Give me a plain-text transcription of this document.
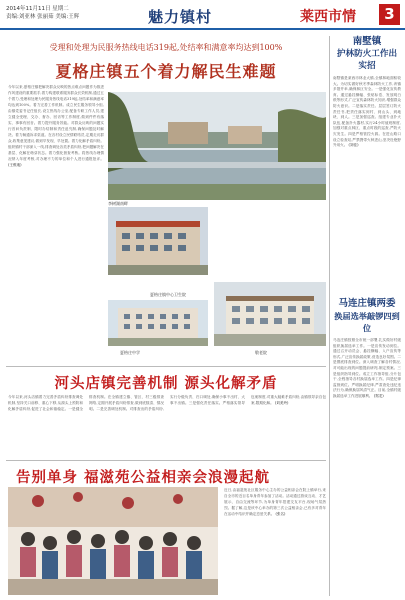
2014年11月11日 星期二
责编:刘亚林 张丽茹 美编:王辉	魅力镇村	莱西市情	3
受理和处理为民服务热线电话319起,处结率和满意率均达到100%
夏格庄镇五个着力解民生难题
今年以来,夏格庄镇把解决群众反映的热点难点问题作为推进作风建设的重要抓手,着力构建联系服务群众长效机制,通过五个着力,受理和处理为民服务热线电话319起,处结率和满意率均达到100%。着力完善工作机制。成立民生服务领导小组,由镇党委书记任组长,设立热线办公室,配备专职工作人员,建立健全受理、交办、督办、回访等工作制度,做到件件有落实、事事有回音。着力提升服务效能。对群众反映的问题实行首问负责制、限时办结制和责任追究制,确保问题及时解决。着力畅通诉求渠道。在各村设立民情联络员,定期走访群众,收集意见建议,做到早发现、早处置。着力化解矛盾纠纷。组织镇村干部深入一线,排查调处各类矛盾纠纷,把问题解决在基层、化解在萌芽状态。着力强化督查考核。将热线办理情况纳入年度考核,对办理不力的单位和个人进行通报批评。 (王维迪)
李树湖南畔
夏格庄镇中心卫生院
夏格庄中学	敬老院
南墅镇
护林防火工作出实招
南墅镇是莱西市林业大镇,全镇林地面积较大。为切实做好秋冬季森林防火工作,该镇多措并举,确保林区安全。一是强化宣传教育。通过悬挂横幅、张贴标语、发放明白纸等形式,广泛宣传森林防火知识,增强群众防火意识。二是落实责任。层层签订防火责任书,把责任落实到村、到山头、到地块、到人。三是加强巡查。组建专业扑火队伍,配备扑火器材,实行24小时值班制度,加强对重点林区、重点时段的巡查,严防火灾发生。四是严格管控火源。在进山路口设立检查站,严禁携带火种进山,坚决杜绝野外用火。 (刘佳)
马连庄镇两委
换届选举敲锣四到位
马连庄镇按照全市统一部署,扎实做好村级组织换届选举工作。一是宣传发动到位。通过召开动员会、悬挂横幅、入户宣传等形式,广泛宣传换届政策,营造良好氛围。二是摸底排查到位。深入调查了解各村情况,对可能出现的问题提前研判,制定预案。三是组织指导到位。成立工作指导组,分片包干,全程指导各村换届选举工作。四是纪律监督到位。严明换届纪律,严肃查处违纪违法行为,确保换届风清气正。目前,全镇村级换届选举工作进展顺利。 (郑龙)
河头店镇完善机制 源头化解矛盾
今年以来,河头店镇着力完善矛盾纠纷排查调处机制,坚持关口前移、重心下移,从源头上预防和化解矛盾纠纷,促进了社会和谐稳定。一是健全排查机制。在全镇建立镇、管区、村三级排查网络,定期开展矛盾纠纷排查,做到底数清、情况明。二是完善调处机制。对排查出的矛盾纠纷,实行分级负责、归口调处,确保小事不出村、大事不出镇。三是强化责任落实。严格落实领导包案制度,对重大疑难矛盾纠纷,由镇领导亲自包案,限期化解。 (刘美玲)
告别单身 福滋苑公益相亲会浪漫起航
近日,由福滋苑社区服务中心主办的公益相亲会在院上镇举行,来自全市的近百名单身青年参加了活动。活动通过游戏互动、才艺展示、自由交流等环节,为单身青年搭建交友平台,现场气氛热烈。据了解,这是该中心举办的第三次公益相亲会,已有多对青年在活动中结识并确定恋爱关系。 (张名)
